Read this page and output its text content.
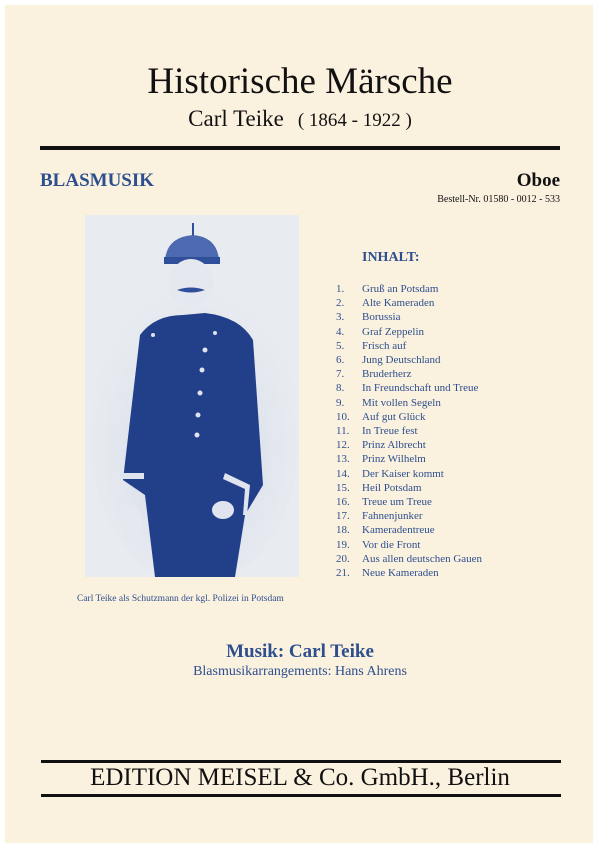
Historische Märsche
Carl Teike ( 1864 - 1922 )
BLASMUSIK	Oboe
Bestell-Nr. 01580 - 0012 - 533
Carl Teike als Schutzmann der kgl. Polizei in Potsdam
INHALT:
1.	Gruß an Potsdam
2.	Alte Kameraden
3.	Borussia
4.	Graf Zeppelin
5.	Frisch auf
6.	Jung Deutschland
7.	Bruderherz
8.	In Freundschaft und Treue
9.	Mit vollen Segeln
10.	Auf gut Glück
11.	In Treue fest
12.	Prinz Albrecht
13.	Prinz Wilhelm
14.	Der Kaiser kommt
15.	Heil Potsdam
16.	Treue um Treue
17.	Fahnenjunker
18.	Kameradentreue
19.	Vor die Front
20.	Aus allen deutschen Gauen
21.	Neue Kameraden
Musik: Carl Teike
Blasmusikarrangements: Hans Ahrens
EDITION MEISEL & Co. GmbH., Berlin
